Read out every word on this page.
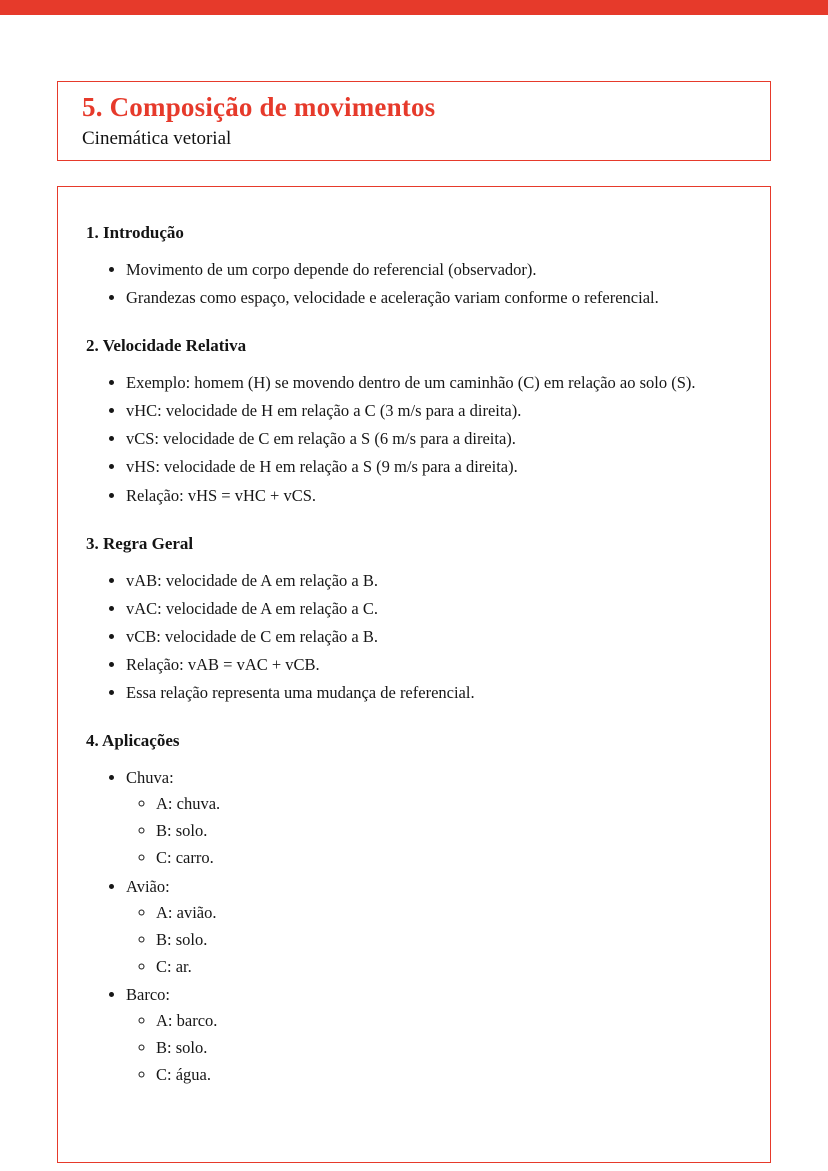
5. Composição de movimentos
Cinemática vetorial
1. Introdução
• Movimento de um corpo depende do referencial (observador).
• Grandezas como espaço, velocidade e aceleração variam conforme o referencial.
2. Velocidade Relativa
• Exemplo: homem (H) se movendo dentro de um caminhão (C) em relação ao solo (S).
• vHC: velocidade de H em relação a C (3 m/s para a direita).
• vCS: velocidade de C em relação a S (6 m/s para a direita).
• vHS: velocidade de H em relação a S (9 m/s para a direita).
• Relação: vHS = vHC + vCS.
3. Regra Geral
• vAB: velocidade de A em relação a B.
• vAC: velocidade de A em relação a C.
• vCB: velocidade de C em relação a B.
• Relação: vAB = vAC + vCB.
• Essa relação representa uma mudança de referencial.
4. Aplicações
• Chuva:
◦ A: chuva.
◦ B: solo.
◦ C: carro.
• Avião:
◦ A: avião.
◦ B: solo.
◦ C: ar.
• Barco:
◦ A: barco.
◦ B: solo.
◦ C: água.
